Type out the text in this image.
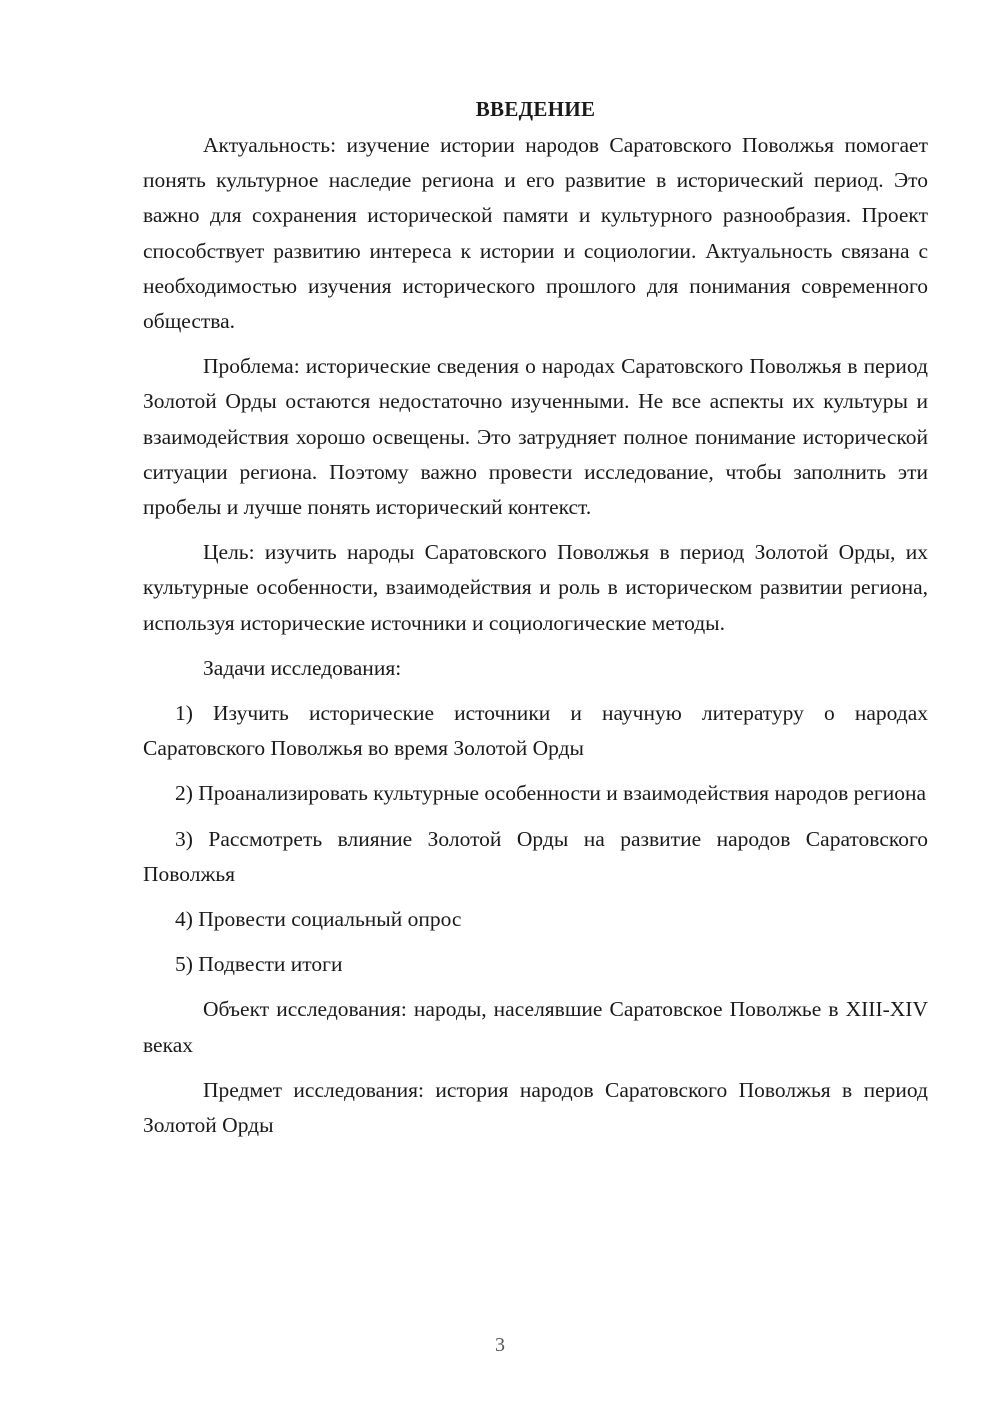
ВВЕДЕНИЕ

Актуальность: изучение истории народов Саратовского Поволжья помогает понять культурное наследие региона и его развитие в исторический период. Это важно для сохранения исторической памяти и культурного разнообразия. Проект способствует развитию интереса к истории и социологии. Актуальность связана с необходимостью изучения исторического прошлого для понимания современного общества.

Проблема: исторические сведения о народах Саратовского Поволжья в период Золотой Орды остаются недостаточно изученными. Не все аспекты их культуры и взаимодействия хорошо освещены. Это затрудняет полное понимание исторической ситуации региона. Поэтому важно провести исследование, чтобы заполнить эти пробелы и лучше понять исторический контекст.

Цель: изучить народы Саратовского Поволжья в период Золотой Орды, их культурные особенности, взаимодействия и роль в историческом развитии региона, используя исторические источники и социологические методы.

Задачи исследования:

1) Изучить исторические источники и научную литературу о народах Саратовского Поволжья во время Золотой Орды

2) Проанализировать культурные особенности и взаимодействия народов региона

3) Рассмотреть влияние Золотой Орды на развитие народов Саратовского Поволжья

4) Провести социальный опрос

5) Подвести итоги

Объект исследования: народы, населявшие Саратовское Поволжье в XIII-XIV веках

Предмет исследования: история народов Саратовского Поволжья в период Золотой Орды

3
